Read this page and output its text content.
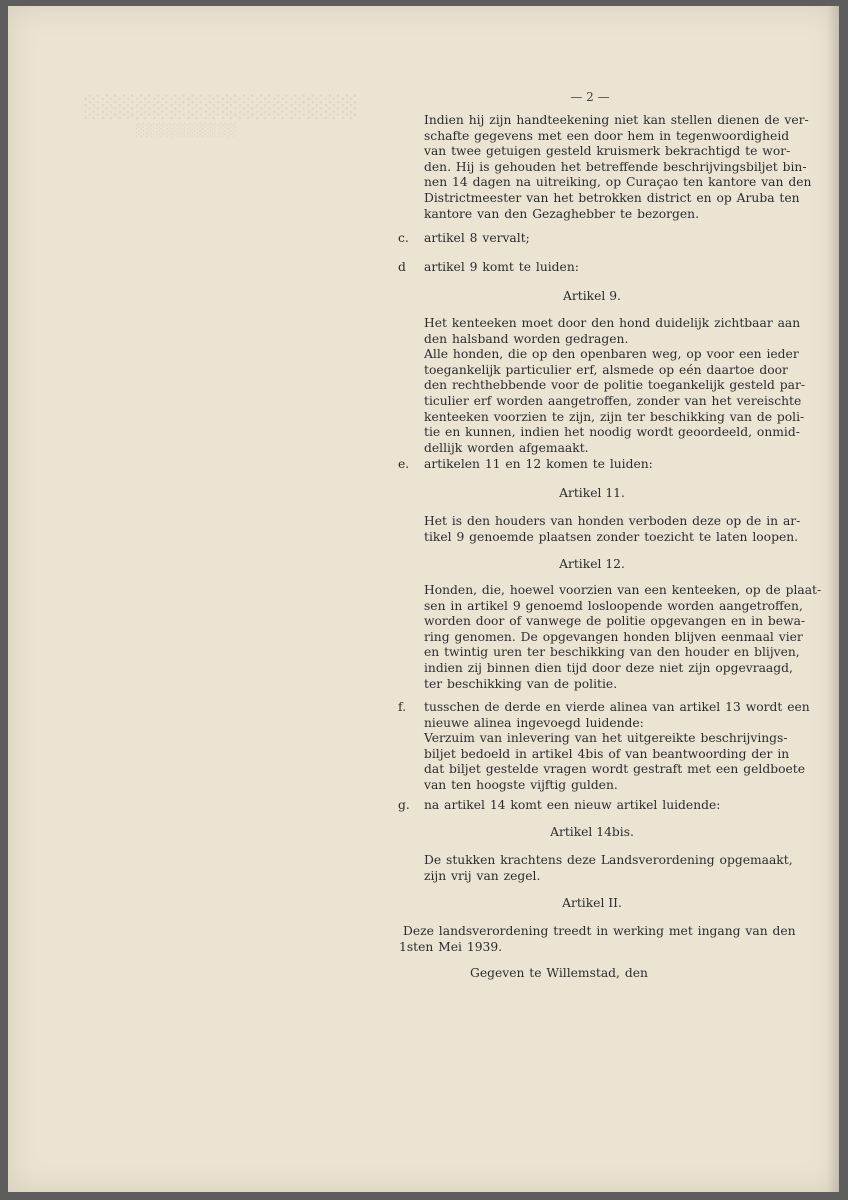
░░░░░░░░░░░░░░░░
░░░░░░░░░░
— 2 —
Indien hij zijn handteekening niet kan stellen dienen de ver-
schafte gegevens met een door hem in tegenwoordigheid
van twee getuigen gesteld kruismerk bekrachtigd te wor-
den. Hij is gehouden het betreffende beschrijvingsbiljet bin-
nen 14 dagen na uitreiking, op Curaçao ten kantore van den
Districtmeester van het betrokken district en op Aruba ten
kantore van den Gezaghebber te bezorgen.
c.	artikel 8 vervalt;
d	artikel 9 komt te luiden:
Artikel 9.
Het kenteeken moet door den hond duidelijk zichtbaar aan
den halsband worden gedragen.
Alle honden, die op den openbaren weg, op voor een ieder
toegankelijk particulier erf, alsmede op eén daartoe door
den rechthebbende voor de politie toegankelijk gesteld par-
ticulier erf worden aangetroffen, zonder van het vereischte
kenteeken voorzien te zijn, zijn ter beschikking van de poli-
tie en kunnen, indien het noodig wordt geoordeeld, onmid-
dellijk worden afgemaakt.
e.	artikelen 11 en 12 komen te luiden:
Artikel 11.
Het is den houders van honden verboden deze op de in ar-
tikel 9 genoemde plaatsen zonder toezicht te laten loopen.
Artikel 12.
Honden, die, hoewel voorzien van een kenteeken, op de plaat-
sen in artikel 9 genoemd losloopende worden aangetroffen,
worden door of vanwege de politie opgevangen en in bewa-
ring genomen. De opgevangen honden blijven eenmaal vier
en twintig uren ter beschikking van den houder en blijven,
indien zij binnen dien tijd door deze niet zijn opgevraagd,
ter beschikking van de politie.
f.	tusschen de derde en vierde alinea van artikel 13 wordt een
nieuwe alinea ingevoegd luidende:
Verzuim van inlevering van het uitgereikte beschrijvings-
biljet bedoeld in artikel 4bis of van beantwoording der in
dat biljet gestelde vragen wordt gestraft met een geldboete
van ten hoogste vijftig gulden.
g.	na artikel 14 komt een nieuw artikel luidende:
Artikel 14bis.
De stukken krachtens deze Landsverordening opgemaakt,
zijn vrij van zegel.
Artikel II.
Deze landsverordening treedt in werking met ingang van den
1sten Mei 1939.
Gegeven te Willemstad, den
